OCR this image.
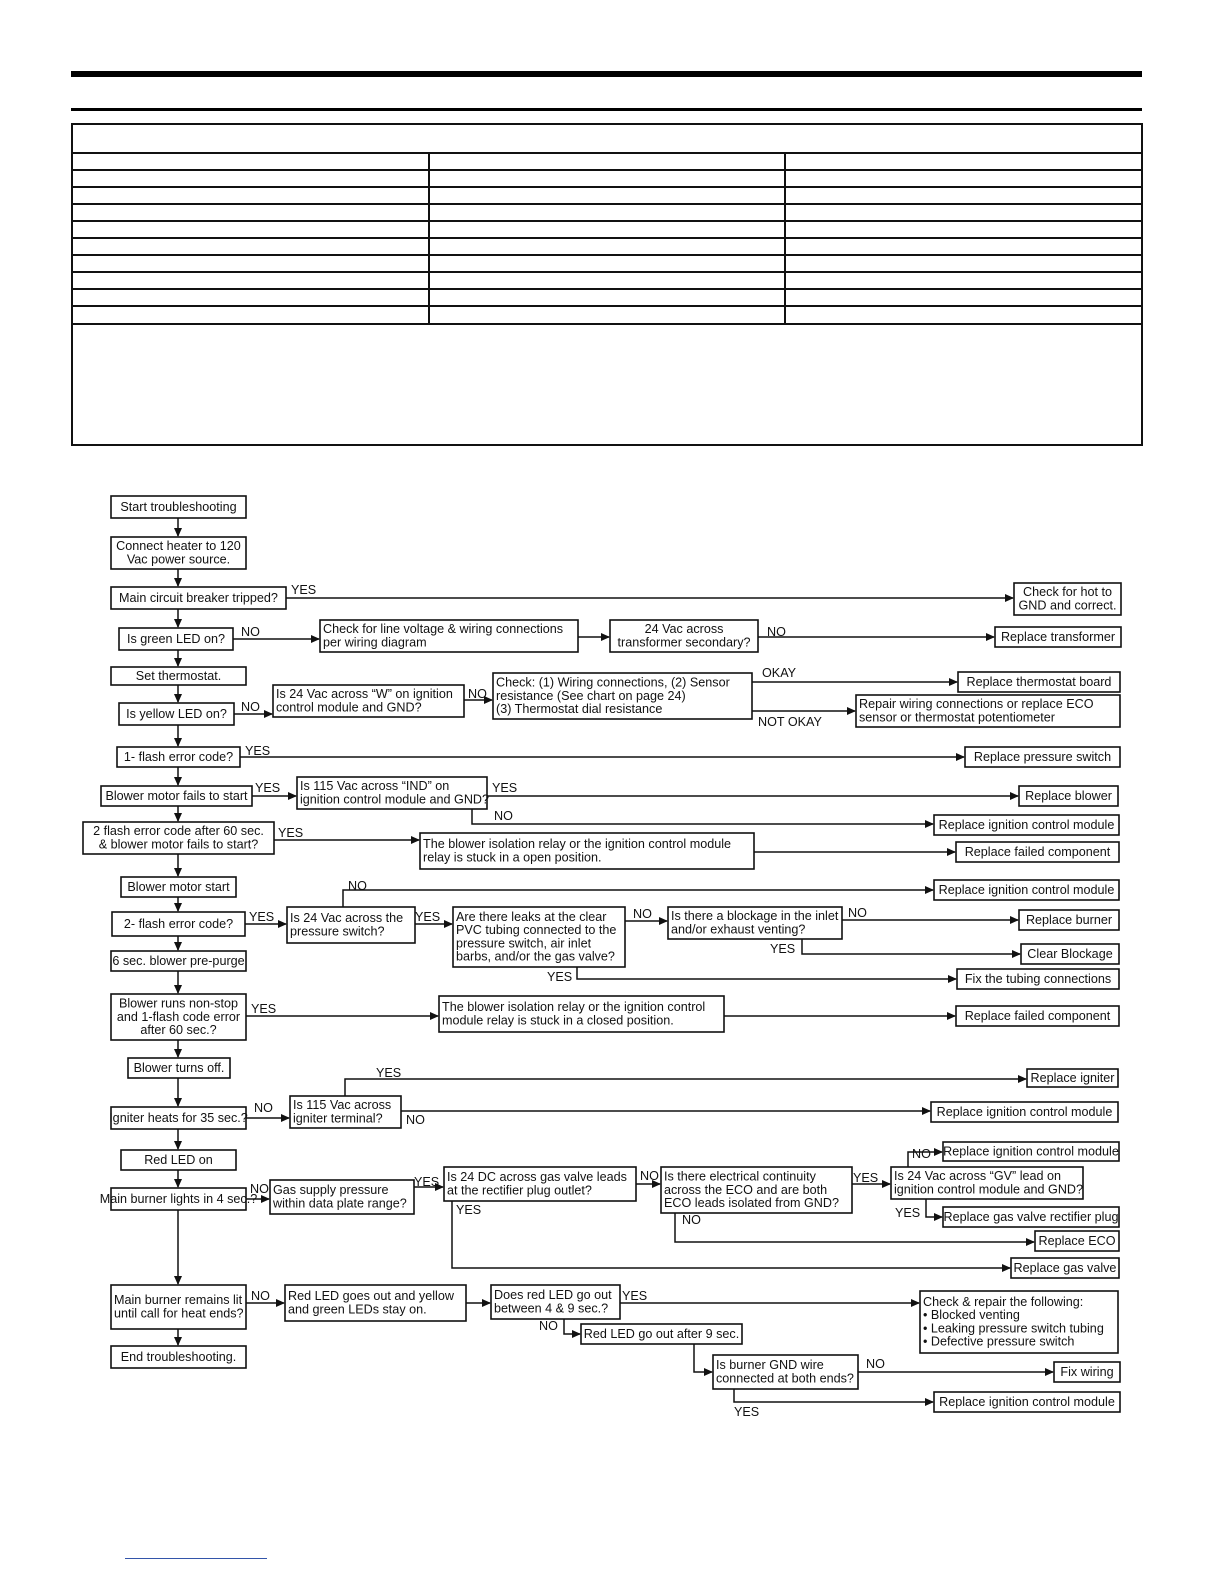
Start troubleshooting
Connect heater to 120
Vac power source.
Main circuit breaker tripped?	Check for hot to
GND and correct.
Is green LED on?
Check for line voltage & wiring connections
per wiring diagram
24 Vac across
transformer secondary?	Replace transformer
Set thermostat.
Is 24 Vac across “W” on ignition
control module and GND?
Check: (1) Wiring connections, (2) Sensor
resistance (See chart on page 24)
(3) Thermostat dial resistance
Replace thermostat board
Repair wiring connections or replace ECO
sensor or thermostat potentiometer
Is yellow LED on?
1- flash error code?	Replace pressure switch
Blower motor fails to start
Is 115 Vac across “IND” on
ignition control module and GND?	Replace blower
Replace ignition control module
2 flash error code after 60 sec.
& blower motor fails to start?	The blower isolation relay or the ignition control module
relay is stuck in a open position.	Replace failed component
Blower motor start	Replace ignition control module
2- flash error code?	Is 24 Vac across the
pressure switch?
Are there leaks at the clear
PVC tubing connected to the
pressure switch, air inlet
barbs, and/or the gas valve?
Is there a blockage in the inlet
and/or exhaust venting?
Replace burner
Clear Blockage
Fix the tubing connections
6 sec. blower pre-purge
Blower runs non-stop
and 1-flash code error
after 60 sec.?
The blower isolation relay or the ignition control
module relay is stuck in a closed position.	Replace failed component
Blower turns off.
Replace igniter
Igniter heats for 35 sec.?
Is 115 Vac across
igniter terminal?	Replace ignition control module
Red LED on
Replace ignition control module
Main burner lights in 4 sec.?
Gas supply pressure
within data plate range?
Is 24 DC across gas valve leads
at the rectifier plug outlet?
Is there electrical continuity
across the ECO and are both
ECO leads isolated from GND?
Is 24 Vac across “GV” lead on
ignition control module and GND?
Replace gas valve rectifier plug
Replace ECO
Replace gas valve
Main burner remains lit
until call for heat ends?
Red LED goes out and yellow
and green LEDs stay on.
Does red LED go out
between 4 & 9 sec.?	Check & repair the following:
• Blocked venting
• Leaking pressure switch tubing
• Defective pressure switch
Red LED go out after 9 sec.
Is burner GND wire
connected at both ends?	Fix wiring
Replace ignition control module
End troubleshooting.
YES
NO	NO
OKAY
NOT OKAY
NO
NO
YES
YES	YES
NO
YES
NO
YES	YES	NO	NO
YES
YES
YES
YES
NO
NO
NO
NO	YES	NO
YES
YES
NO	YES
NO	YES
NO
NO
YES
